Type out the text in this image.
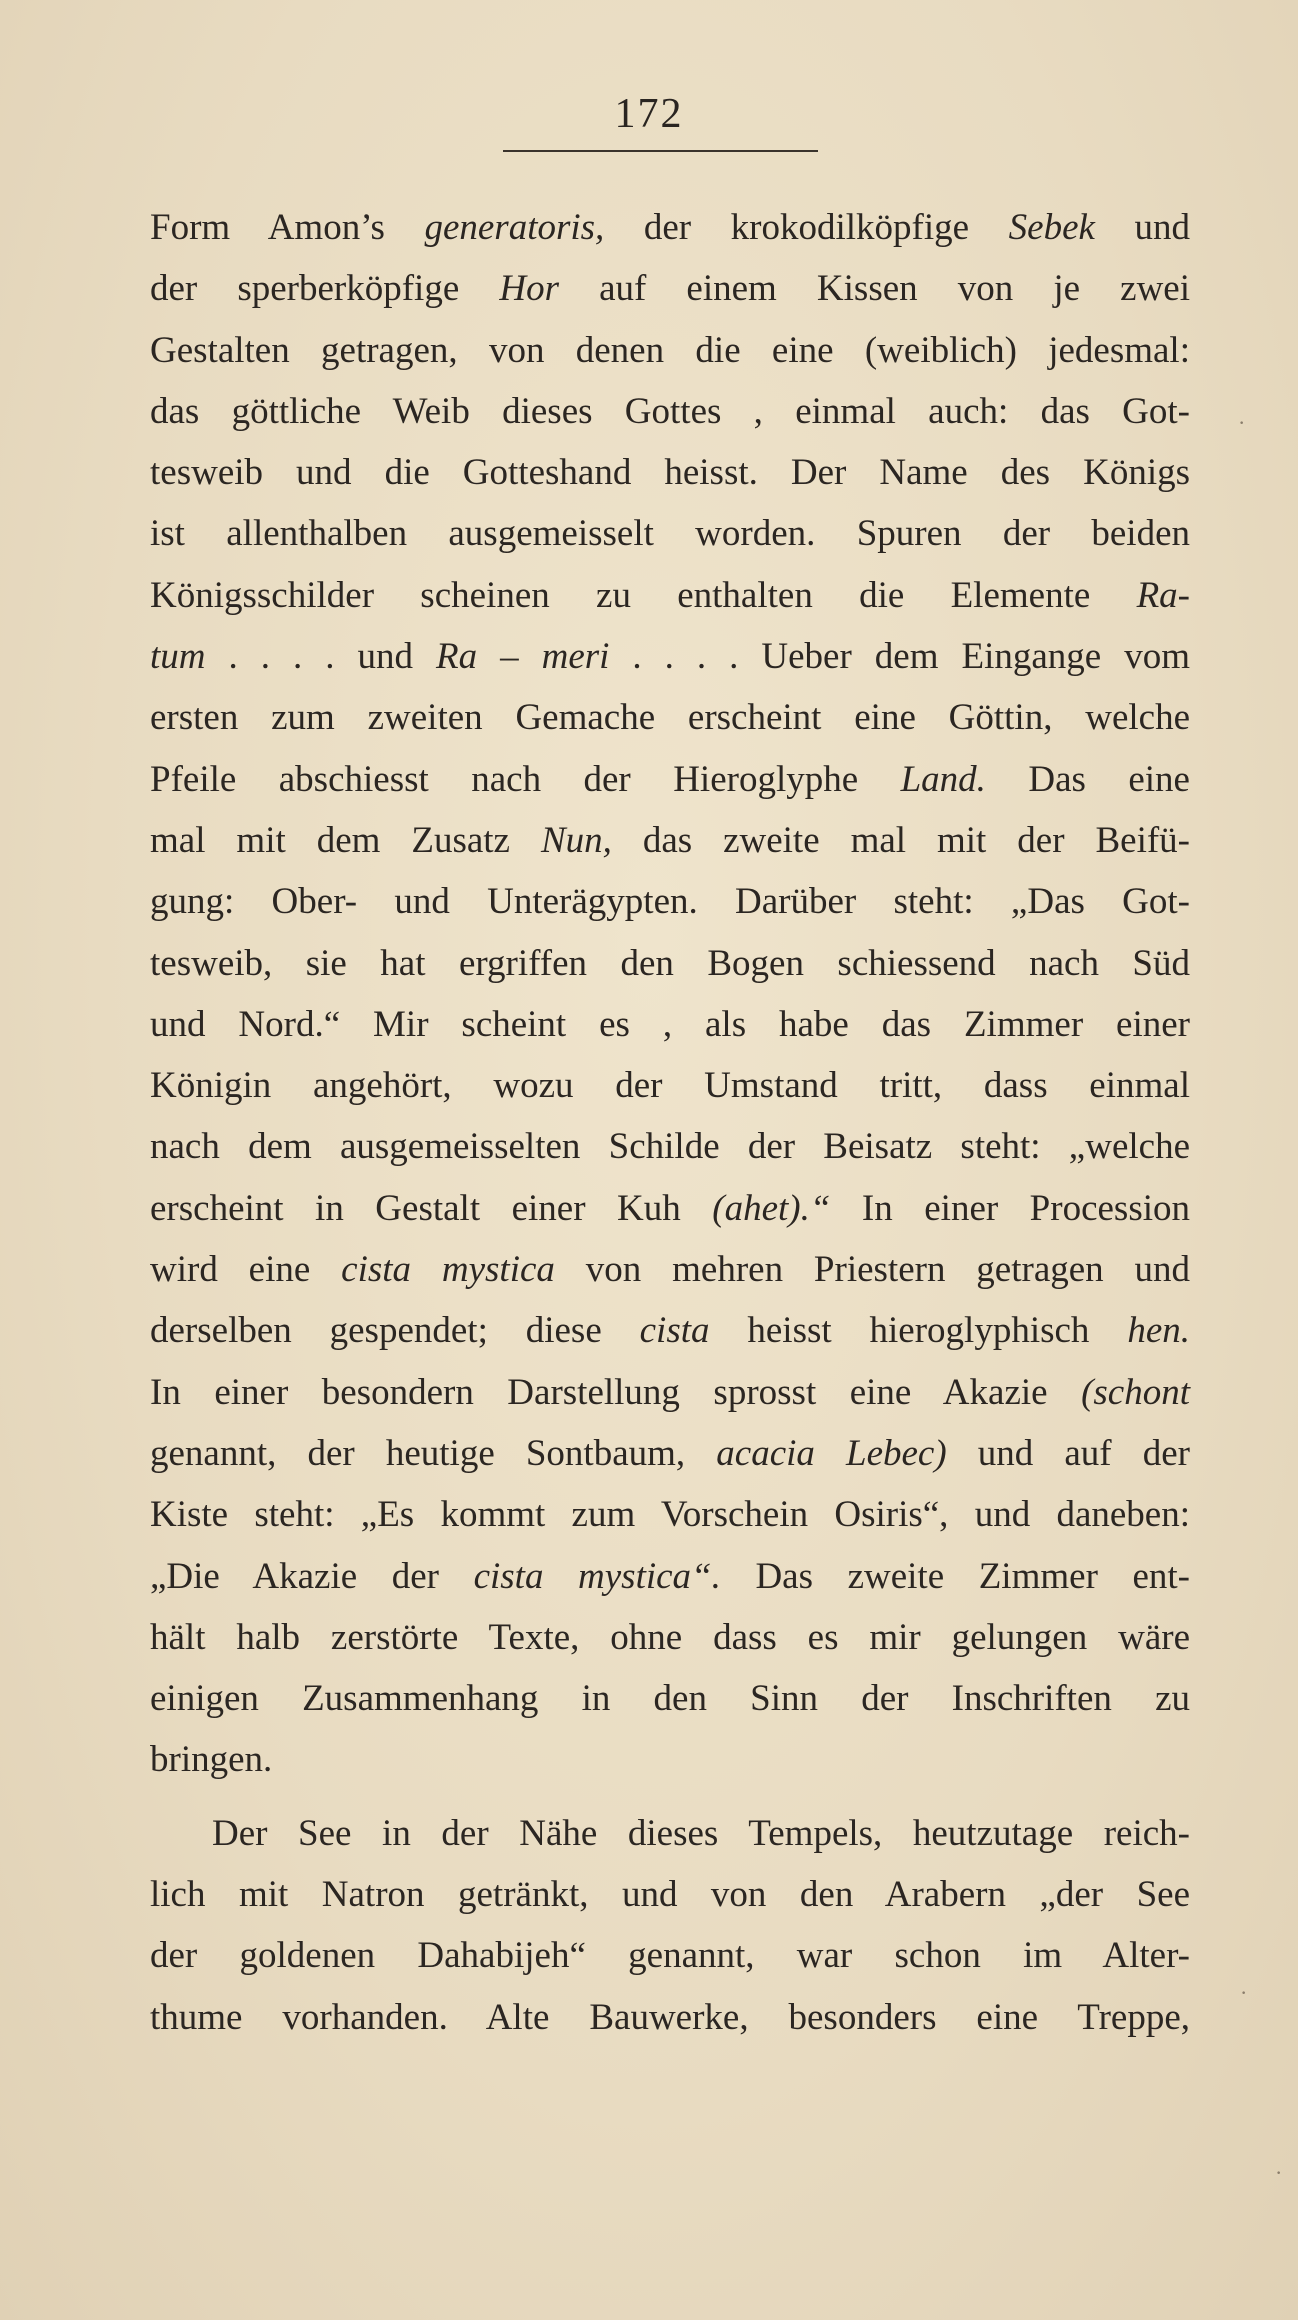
172
Form Amon’s generatoris, der krokodilköpfige Sebek und
der sperberköpfige Hor auf einem Kissen von je zwei
Gestalten getragen, von denen die eine (weiblich) jedesmal:
das göttliche Weib dieses Gottes , einmal auch: das Got-
tesweib und die Gotteshand heisst. Der Name des Königs
ist allenthalben ausgemeisselt worden. Spuren der beiden
Königsschilder scheinen zu enthalten die Elemente Ra-
tum . . . . und Ra – meri . . . . Ueber dem Eingange vom
ersten zum zweiten Gemache erscheint eine Göttin, welche
Pfeile abschiesst nach der Hieroglyphe Land. Das eine
mal mit dem Zusatz Nun, das zweite mal mit der Beifü-
gung: Ober- und Unterägypten. Darüber steht: „Das Got-
tesweib, sie hat ergriffen den Bogen schiessend nach Süd
und Nord.“ Mir scheint es , als habe das Zimmer einer
Königin angehört, wozu der Umstand tritt, dass einmal
nach dem ausgemeisselten Schilde der Beisatz steht: „welche
erscheint in Gestalt einer Kuh (ahet).“ In einer Procession
wird eine cista mystica von mehren Priestern getragen und
derselben gespendet; diese cista heisst hieroglyphisch hen.
In einer besondern Darstellung sprosst eine Akazie (schont
genannt, der heutige Sontbaum, acacia Lebec) und auf der
Kiste steht: „Es kommt zum Vorschein Osiris“, und daneben:
„Die Akazie der cista mystica“. Das zweite Zimmer ent-
hält halb zerstörte Texte, ohne dass es mir gelungen wäre
einigen Zusammenhang in den Sinn der Inschriften zu
bringen.
Der See in der Nähe dieses Tempels, heutzutage reich-
lich mit Natron getränkt, und von den Arabern „der See
der goldenen Dahabijeh“ genannt, war schon im Alter-
thume vorhanden. Alte Bauwerke, besonders eine Treppe,
·
·
·
